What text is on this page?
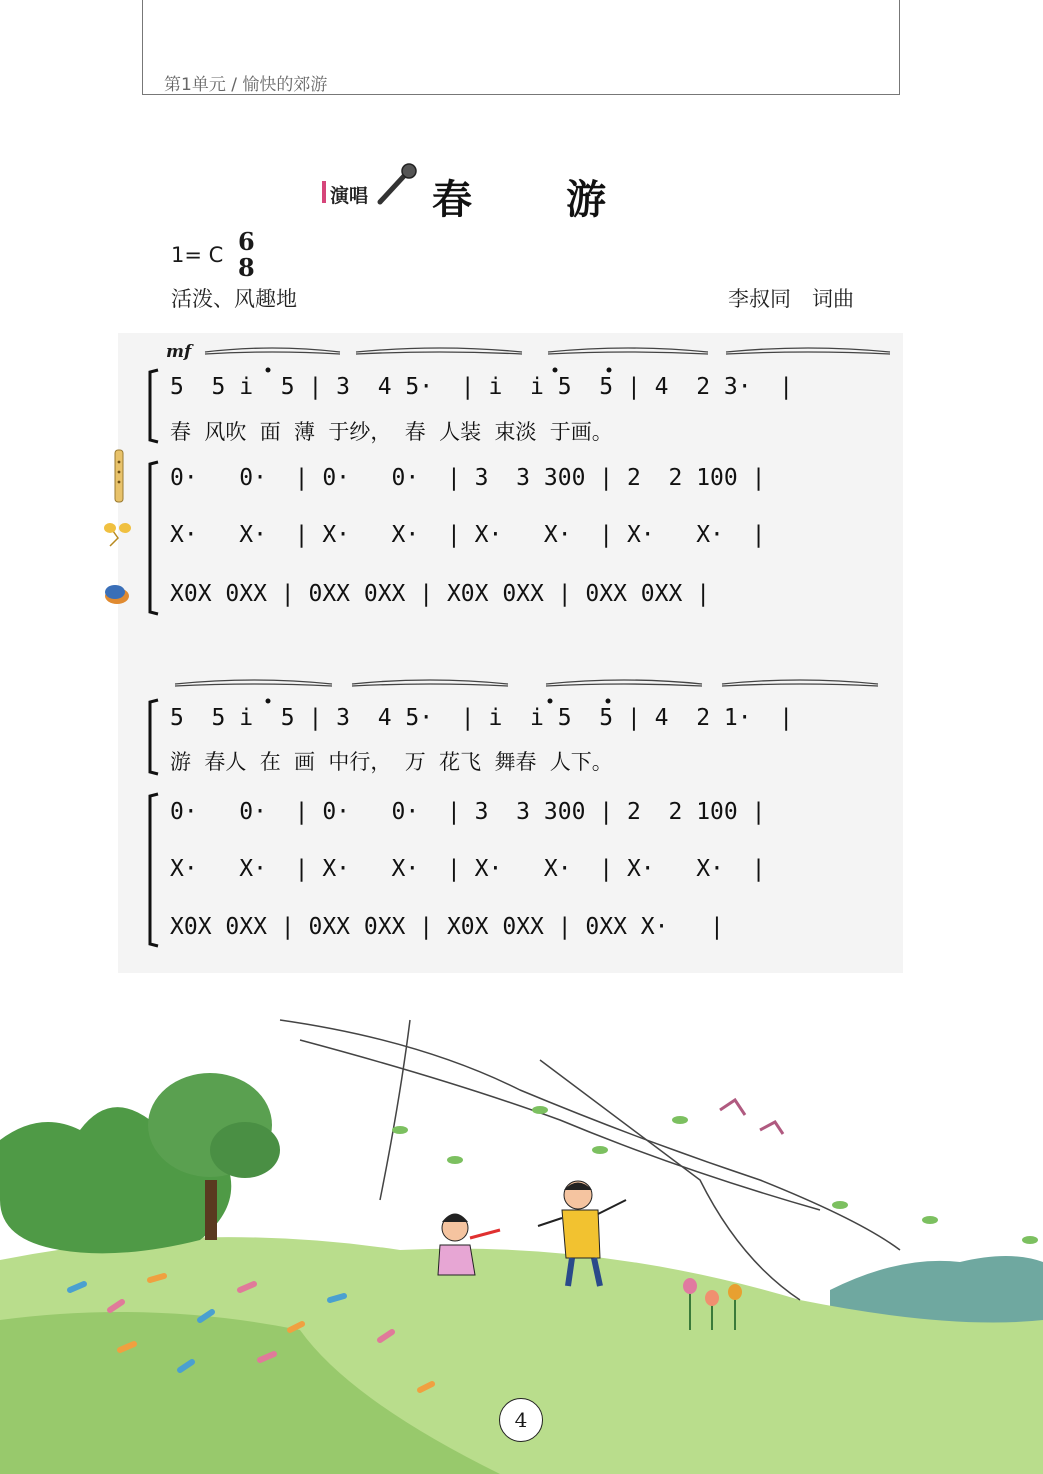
第1单元 / 愉快的郊游
演唱 春 游
1= C 6
8
活泼、风趣地	李叔同　词曲
mf
5  5 i  5 | 3  4 5·  | i  i 5  5 | 4  2 3·  |
春  风吹  面  薄  于纱，  春  人装  束淡  于画。
0·   0·  | 0·   0·  | 3  3 300 | 2  2 100 |
X·   X·  | X·   X·  | X·   X·  | X·   X·  |
X0X 0XX | 0XX 0XX | X0X 0XX | 0XX 0XX |
5  5 i  5 | 3  4 5·  | i  i 5  5 | 4  2 1·  |
游  春人  在  画  中行，  万  花飞  舞春  人下。
0·   0·  | 0·   0·  | 3  3 300 | 2  2 100 |
X·   X·  | X·   X·  | X·   X·  | X·   X·  |
X0X 0XX | 0XX 0XX | X0X 0XX | 0XX X·   |
4
